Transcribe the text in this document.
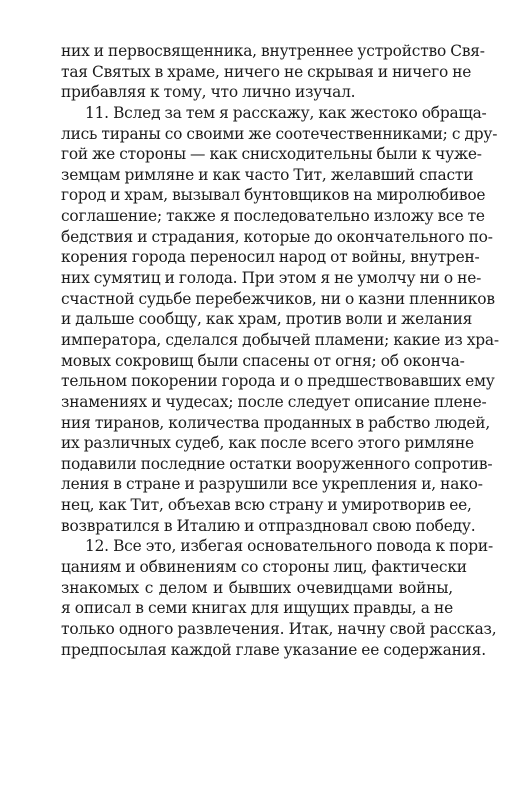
них и первосвященника, внутреннее устройство Свя-
тая Святых в храме, ничего не скрывая и ничего не
прибавляя к тому, что лично изучал.
11. Вслед за тем я расскажу, как жестоко обраща-
лись тираны со своими же соотечественниками; с дру-
гой же стороны — как снисходительны были к чуже-
земцам римляне и как часто Тит, желавший спасти
город и храм, вызывал бунтовщиков на миролюбивое
соглашение; также я последовательно изложу все те
бедствия и страдания, которые до окончательного по-
корения города переносил народ от войны, внутрен-
них сумятиц и голода. При этом я не умолчу ни о не-
счастной судьбе перебежчиков, ни о казни пленников
и дальше сообщу, как храм, против воли и желания
императора, сделался добычей пламени; какие из хра-
мовых сокровищ были спасены от огня; об оконча-
тельном покорении города и о предшествовавших ему
знамениях и чудесах; после следует описание плене-
ния тиранов, количества проданных в рабство людей,
их различных судеб, как после всего этого римляне
подавили последние остатки вооруженного сопротив-
ления в стране и разрушили все укрепления и, нако-
нец, как Тит, объехав всю страну и умиротворив ее,
возвратился в Италию и отпраздновал свою победу.
12. Все это, избегая основательного повода к пори-
цаниям и обвинениям со стороны лиц, фактически
знакомых с делом и бывших очевидцами войны,
я описал в семи книгах для ищущих правды, а не
только одного развлечения. Итак, начну свой рассказ,
предпосылая каждой главе указание ее содержания.
